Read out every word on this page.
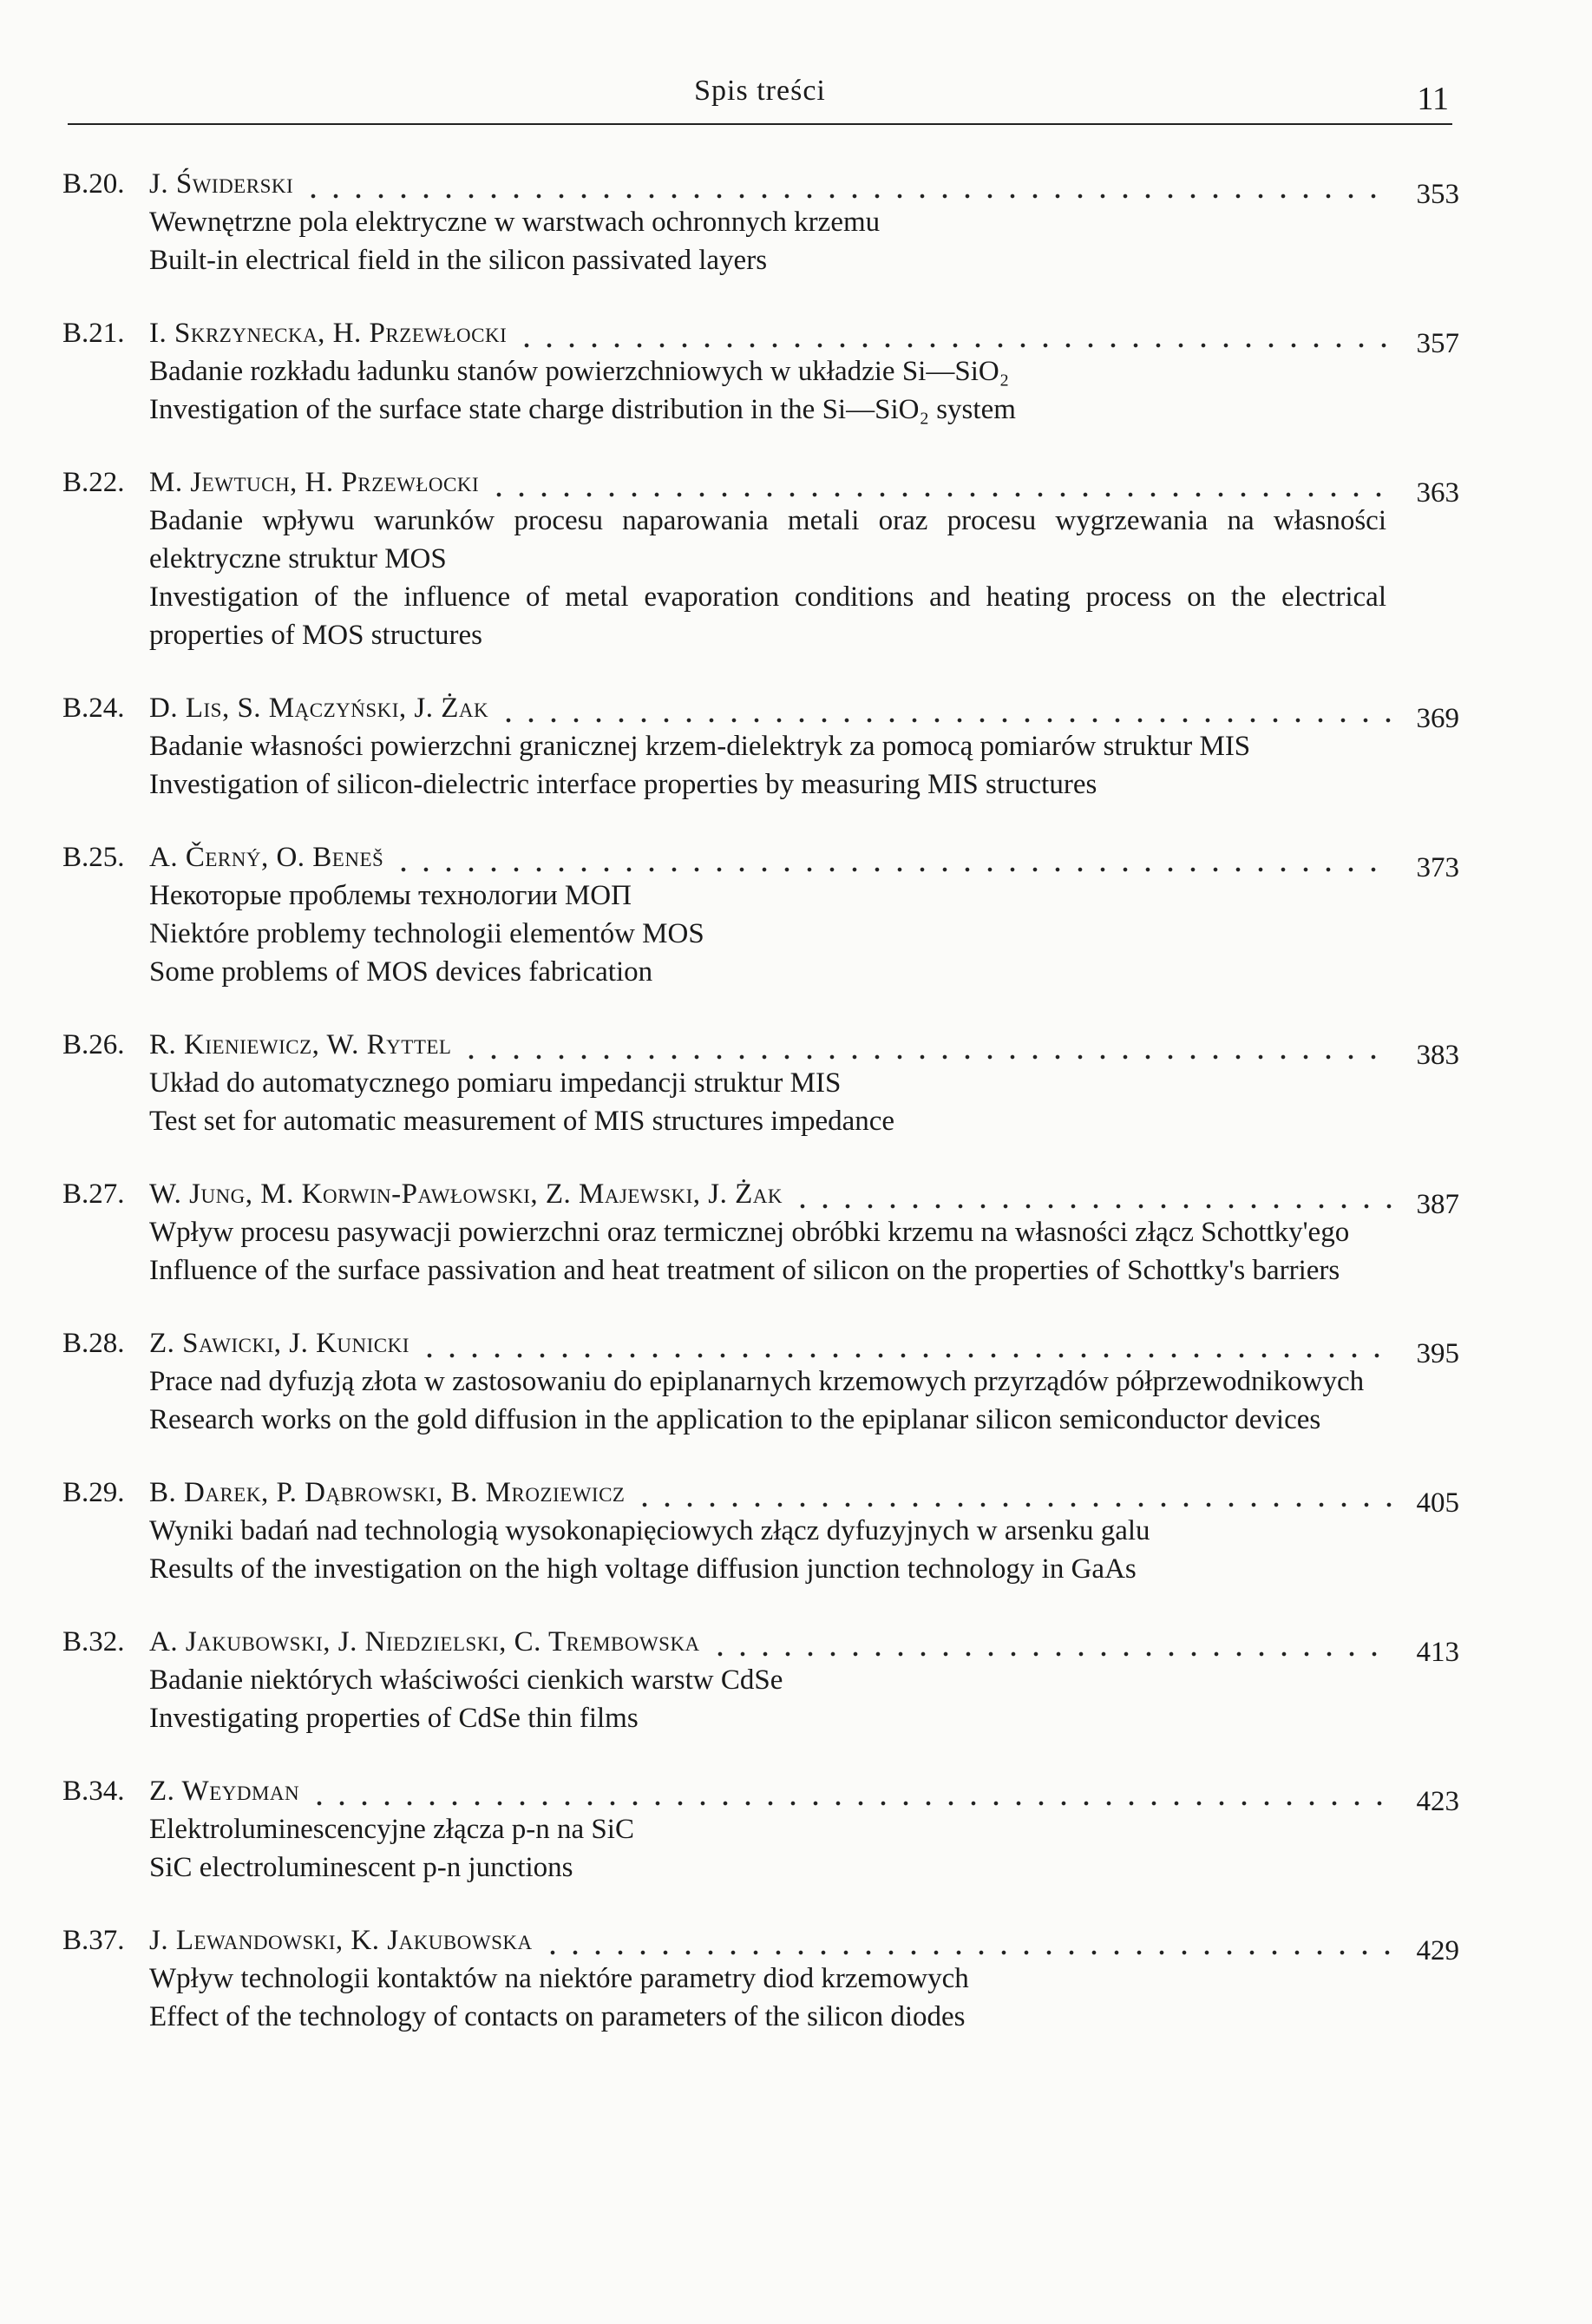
Spis treści	11
B.20. J. Świderski	353
Wewnętrzne pola elektryczne w warstwach ochronnych krzemu
Built-in electrical field in the silicon passivated layers
B.21. I. Skrzynecka, H. Przewłocki	357
Badanie rozkładu ładunku stanów powierzchniowych w układzie Si—SiO₂
Investigation of the surface state charge distribution in the Si—SiO₂ system
B.22. M. Jewtuch, H. Przewłocki	363
Badanie wpływu warunków procesu naparowania metali oraz procesu wygrzewania na własności elektryczne struktur MOS
Investigation of the influence of metal evaporation conditions and heating process on the electrical properties of MOS structures
B.24. D. Lis, S. Mączyński, J. Żak	369
Badanie własności powierzchni granicznej krzem-dielektryk za pomocą pomiarów struktur MIS
Investigation of silicon-dielectric interface properties by measuring MIS structures
B.25. A. Černý, O. Beneš	373
Некоторые проблемы технологии МОП
Niektóre problemy technologii elementów MOS
Some problems of MOS devices fabrication
B.26. R. Kieniewicz, W. Ryttel	383
Układ do automatycznego pomiaru impedancji struktur MIS
Test set for automatic measurement of MIS structures impedance
B.27. W. Jung, M. Korwin-Pawłowski, Z. Majewski, J. Żak	387
Wpływ procesu pasywacji powierzchni oraz termicznej obróbki krzemu na własności złącz Schottky'ego
Influence of the surface passivation and heat treatment of silicon on the properties of Schottky's barriers
B.28. Z. Sawicki, J. Kunicki	395
Prace nad dyfuzją złota w zastosowaniu do epiplanarnych krzemowych przyrządów półprzewodnikowych
Research works on the gold diffusion in the application to the epiplanar silicon semiconductor devices
B.29. B. Darek, P. Dąbrowski, B. Mroziewicz	405
Wyniki badań nad technologią wysokonapięciowych złącz dyfuzyjnych w arsenku galu
Results of the investigation on the high voltage diffusion junction technology in GaAs
B.32. A. Jakubowski, J. Niedzielski, C. Trembowska	413
Badanie niektórych właściwości cienkich warstw CdSe
Investigating properties of CdSe thin films
B.34. Z. Weydman	423
Elektroluminescencyjne złącza p-n na SiC
SiC electroluminescent p-n junctions
B.37. J. Lewandowski, K. Jakubowska	429
Wpływ technologii kontaktów na niektóre parametry diod krzemowych
Effect of the technology of contacts on parameters of the silicon diodes
